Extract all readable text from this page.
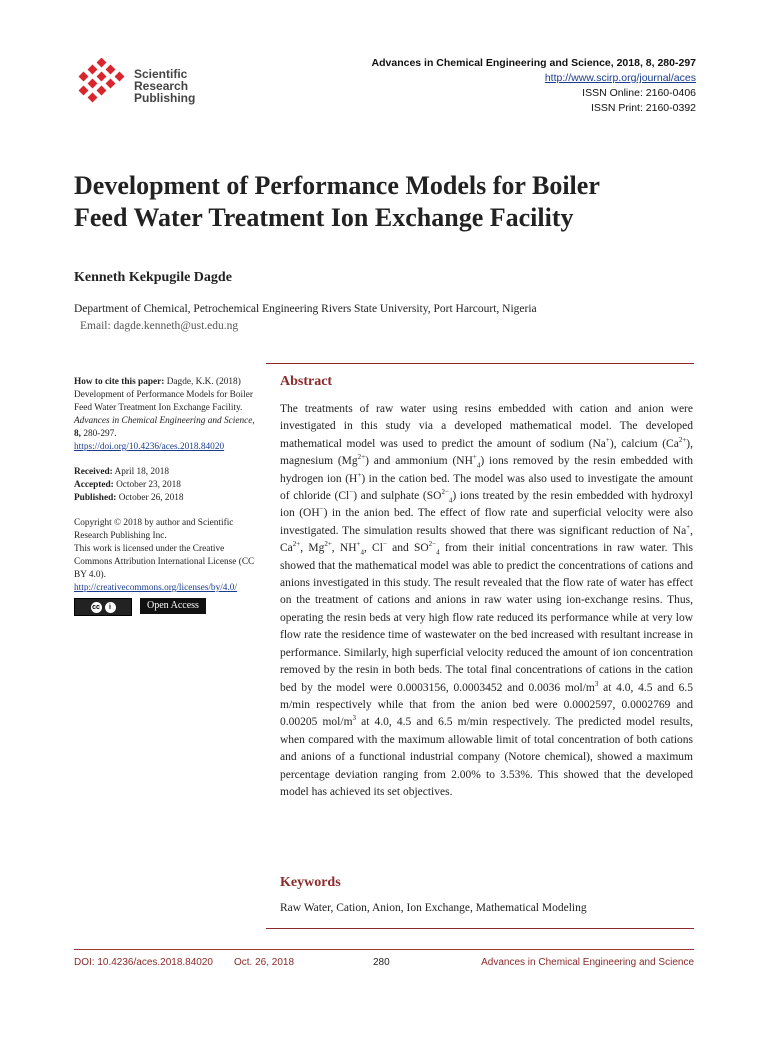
Scientific
Research
Publishing
Advances in Chemical Engineering and Science, 2018, 8, 280-297
http://www.scirp.org/journal/aces
ISSN Online: 2160-0406
ISSN Print: 2160-0392
Development of Performance Models for Boiler
Feed Water Treatment Ion Exchange Facility
Kenneth Kekpugile Dagde
Department of Chemical, Petrochemical Engineering Rivers State University, Port Harcourt, Nigeria
Email: dagde.kenneth@ust.edu.ng
How to cite this paper: Dagde, K.K. (2018) Development of Performance Models for Boiler Feed Water Treatment Ion Exchange Facility. Advances in Chemical Engineering and Science, 8, 280-297.
https://doi.org/10.4236/aces.2018.84020
Received: April 18, 2018
Accepted: October 23, 2018
Published: October 26, 2018
Copyright © 2018 by author and Scientific Research Publishing Inc.
This work is licensed under the Creative Commons Attribution International License (CC BY 4.0).
http://creativecommons.org/licenses/by/4.0/
cc	i	Open Access
Abstract
The treatments of raw water using resins embedded with cation and anion were investigated in this study via a developed mathematical model. The developed mathematical model was used to predict the amount of sodium (Na+), calcium $(Ca^{2+})$, magnesium $(Mg^{2+})$ and ammonium $(NH^+_4)$ ions removed by the resin embedded with hydrogen ion (H+) in the cation bed. The model was also used to investigate the amount of chloride (Cl−) and sulphate $(SO^{2-}_4)$ ions treated by the resin embedded with hydroxyl ion (OH−) in the anion bed. The effect of flow rate and superficial velocity were also investigated. The simulation results showed that there was significant reduction of Na+, $Ca^{2+}$, $Mg^{2+}$, $NH^+_4$, Cl− and $SO^{2-}_4$ from their initial concentrations in raw water. This showed that the mathematical model was able to predict the concentrations of cations and anions investigated in this study. The result revealed that the flow rate of water has effect on the treatment of cations and anions in raw water using ion-exchange resins. Thus, operating the resin beds at very high flow rate reduced its performance while at very low flow rate the residence time of wastewater on the bed increased with resultant increase in performance. Similarly, high superficial velocity reduced the amount of ion concentration removed by the resin in both beds. The total final concentrations of cations in the cation bed by the model were 0.0003156, 0.0003452 and 0.0036 mol/$m^3$ at 4.0, 4.5 and 6.5 m/min respectively while that from the anion bed were 0.0002597, 0.0002769 and 0.00205 mol/$m^3$ at 4.0, 4.5 and 6.5 m/min respectively. The predicted model results, when compared with the maximum allowable limit of total concentration of both cations and anions of a functional industrial company (Notore chemical), showed a maximum percentage deviation ranging from 2.00% to 3.53%. This showed that the developed model has achieved its set objectives.
Keywords
Raw Water, Cation, Anion, Ion Exchange, Mathematical Modeling
DOI: 10.4236/aces.2018.84020 Oct. 26, 2018	280	Advances in Chemical Engineering and Science
